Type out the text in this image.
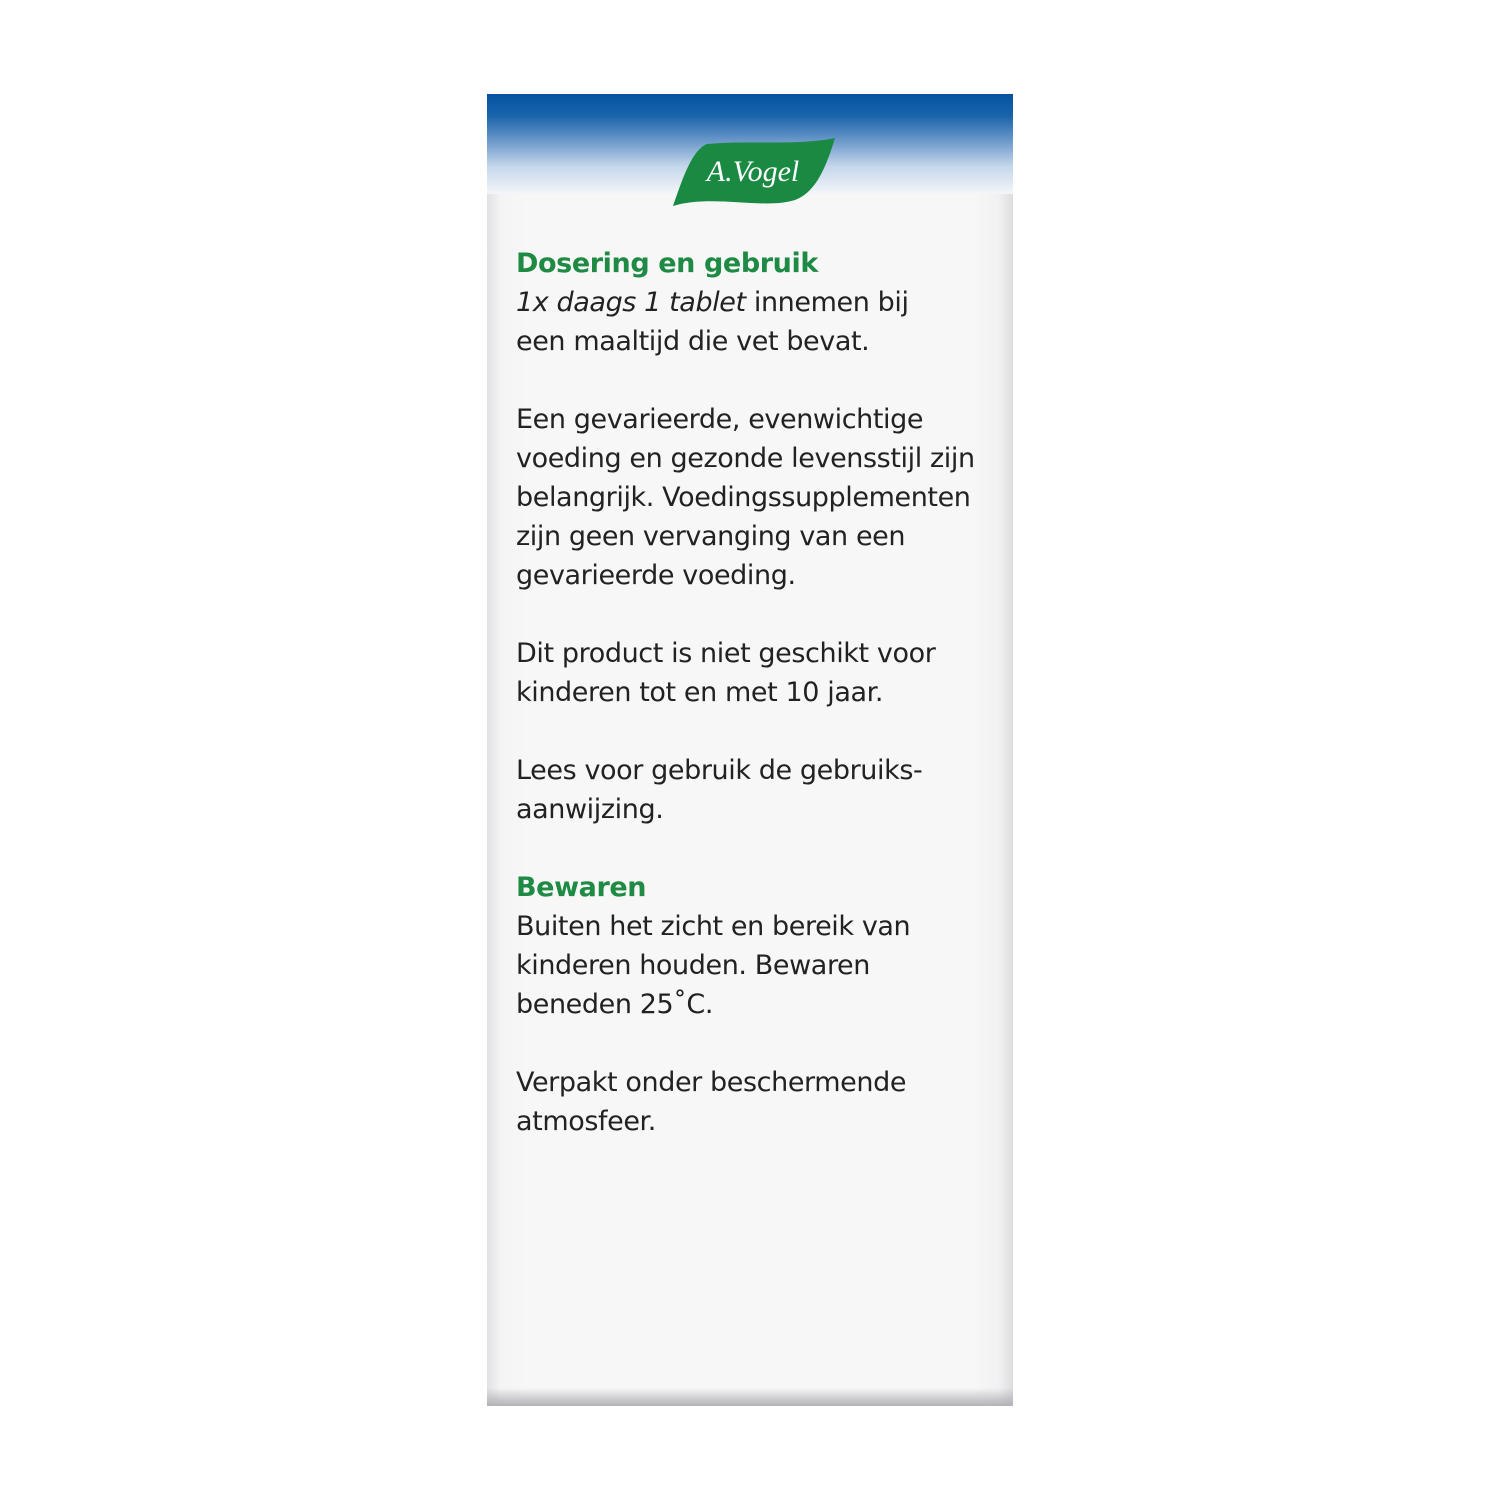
A.Vogel
Dosering en gebruik

1x daags 1 tablet innemen bij
een maaltijd die vet bevat.

Een gevarieerde, evenwichtige
voeding en gezonde levensstijl zijn
belangrijk. Voedingssupplementen
zijn geen vervanging van een
gevarieerde voeding.

Dit product is niet geschikt voor
kinderen tot en met 10 jaar.

Lees voor gebruik de gebruiks-
aanwijzing.

Bewaren

Buiten het zicht en bereik van
kinderen houden. Bewaren
beneden 25˚C.

Verpakt onder beschermende
atmosfeer.
